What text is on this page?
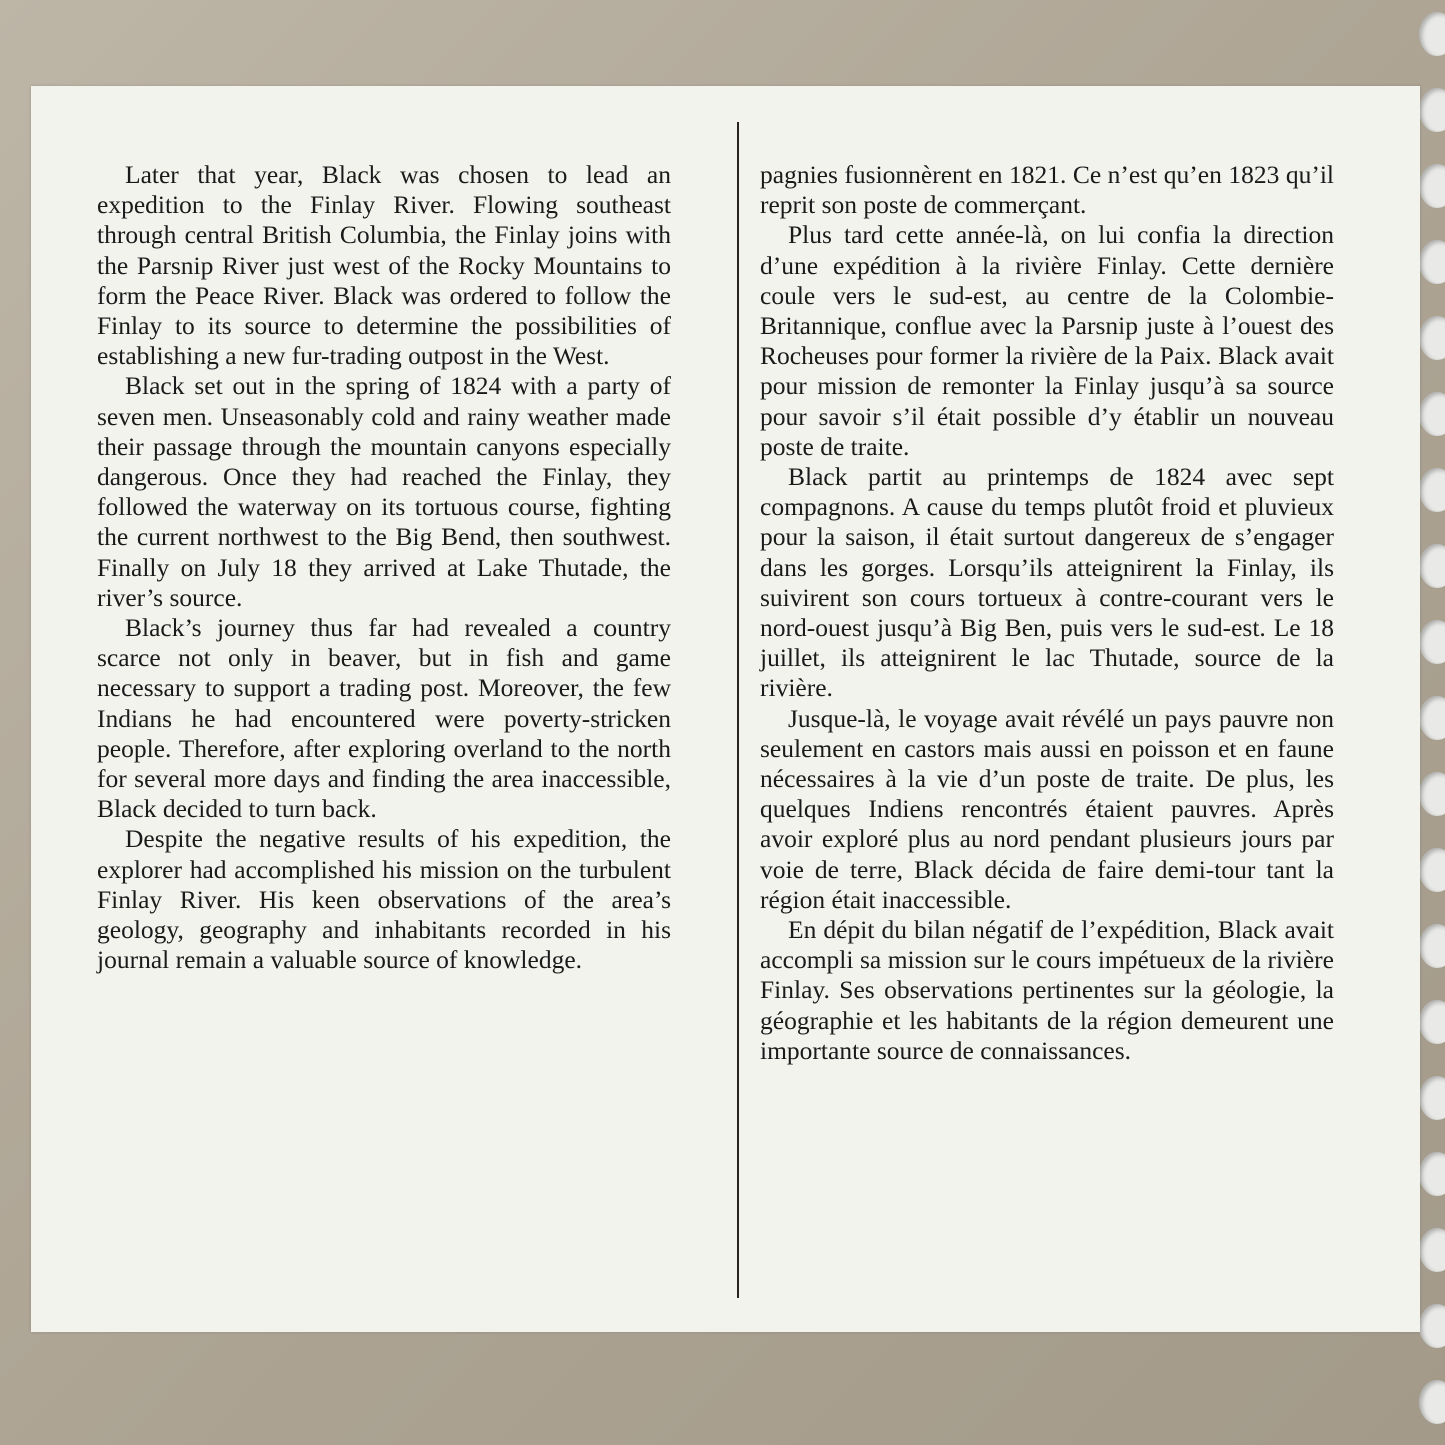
Later that year, Black was chosen to lead an expedition to the Finlay River. Flowing southeast through central British Columbia, the Finlay joins with the Parsnip River just west of the Rocky Mountains to form the Peace River. Black was ordered to follow the Finlay to its source to determine the possibilities of establishing a new fur-trading outpost in the West.

Black set out in the spring of 1824 with a party of seven men. Unseasonably cold and rainy weather made their passage through the mountain canyons especially dangerous. Once they had reached the Finlay, they followed the waterway on its tortuous course, fighting the current northwest to the Big Bend, then southwest. Finally on July 18 they arrived at Lake Thutade, the river’s source.

Black’s journey thus far had revealed a country scarce not only in beaver, but in fish and game necessary to support a trading post. Moreover, the few Indians he had encountered were poverty-stricken people. Therefore, after exploring overland to the north for several more days and finding the area inaccessible, Black decided to turn back.

Despite the negative results of his expedition, the explorer had accomplished his mission on the turbulent Finlay River. His keen observations of the area’s geology, geography and inhabitants recorded in his journal remain a valuable source of knowledge.

pagnies fusionnèrent en 1821. Ce n’est qu’en 1823 qu’il reprit son poste de commerçant.

Plus tard cette année-là, on lui confia la direction d’une expédition à la rivière Finlay. Cette dernière coule vers le sud-est, au centre de la Colombie-Britannique, conflue avec la Parsnip juste à l’ouest des Rocheuses pour former la rivière de la Paix. Black avait pour mission de remonter la Finlay jusqu’à sa source pour savoir s’il était possible d’y établir un nouveau poste de traite.

Black partit au printemps de 1824 avec sept compagnons. A cause du temps plutôt froid et pluvieux pour la saison, il était surtout dangereux de s’engager dans les gorges. Lorsqu’ils atteignirent la Finlay, ils suivirent son cours tortueux à contre-courant vers le nord-ouest jusqu’à Big Ben, puis vers le sud-est. Le 18 juillet, ils atteignirent le lac Thutade, source de la rivière.

Jusque-là, le voyage avait révélé un pays pauvre non seulement en castors mais aussi en poisson et en faune nécessaires à la vie d’un poste de traite. De plus, les quelques Indiens rencontrés étaient pauvres. Après avoir exploré plus au nord pendant plusieurs jours par voie de terre, Black décida de faire demi-tour tant la région était inaccessible.

En dépit du bilan négatif de l’expédition, Black avait accompli sa mission sur le cours impétueux de la rivière Finlay. Ses observations pertinentes sur la géologie, la géographie et les habitants de la région demeurent une importante source de connaissances.
